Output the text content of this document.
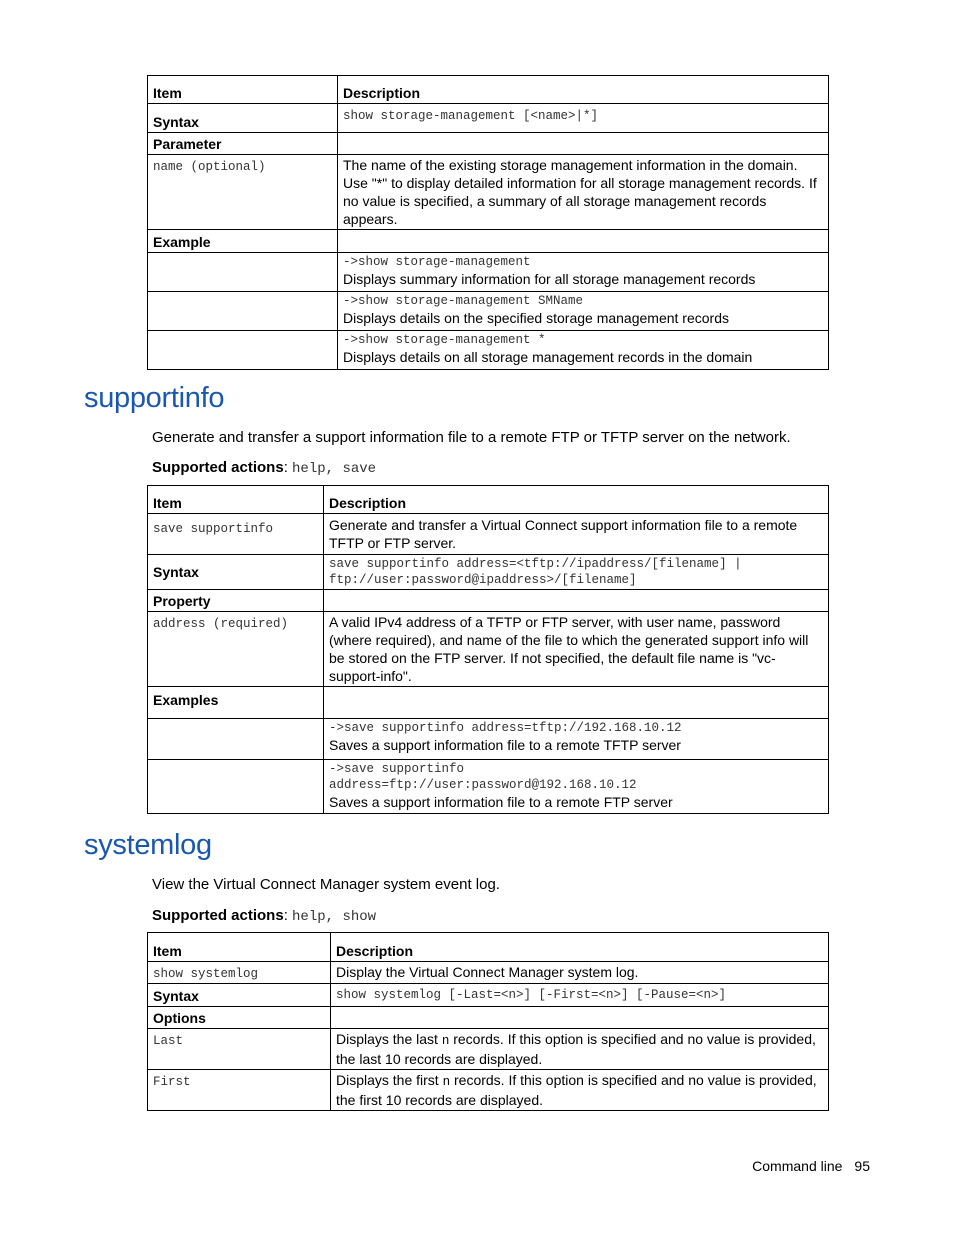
Item	Description
Syntax	show storage-management [<name>|*]
Parameter	
name (optional)	The name of the existing storage management information in the domain. Use "*" to display detailed information for all storage management records. If no value is specified, a summary of all storage management records appears.
Example	

	->show storage-management
Displays summary information for all storage management records

	->show storage-management SMName
Displays details on the specified storage management records

	->show storage-management *
Displays details on all storage management records in the domain
supportinfo

Generate and transfer a support information file to a remote FTP or TFTP server on the network.

Supported actions: help, save

Item	Description
save supportinfo	Generate and transfer a Virtual Connect support information file to a remote TFTP or FTP server.
Syntax	save supportinfo address=<tftp://ipaddress/[filename] |
ftp://user:password@ipaddress>/[filename]

Property	
address (required)	A valid IPv4 address of a TFTP or FTP server, with user name, password (where required), and name of the file to which the generated support info will be stored on the FTP server. If not specified, the default file name is "vc-support-info".
Examples	

	->save supportinfo address=tftp://192.168.10.12
Saves a support information file to a remote TFTP server

	->save supportinfo
address=ftp://user:password@192.168.10.12
Saves a support information file to a remote FTP server
systemlog

View the Virtual Connect Manager system event log.

Supported actions: help, show

Item	Description
show systemlog	Display the Virtual Connect Manager system log.
Syntax	show systemlog [-Last=<n>] [-First=<n>] [-Pause=<n>]
Options	
Last	Displays the last n records. If this option is specified and no value is provided, the last 10 records are displayed.
First	Displays the first n records. If this option is specified and no value is provided, the first 10 records are displayed.
Command line 95
